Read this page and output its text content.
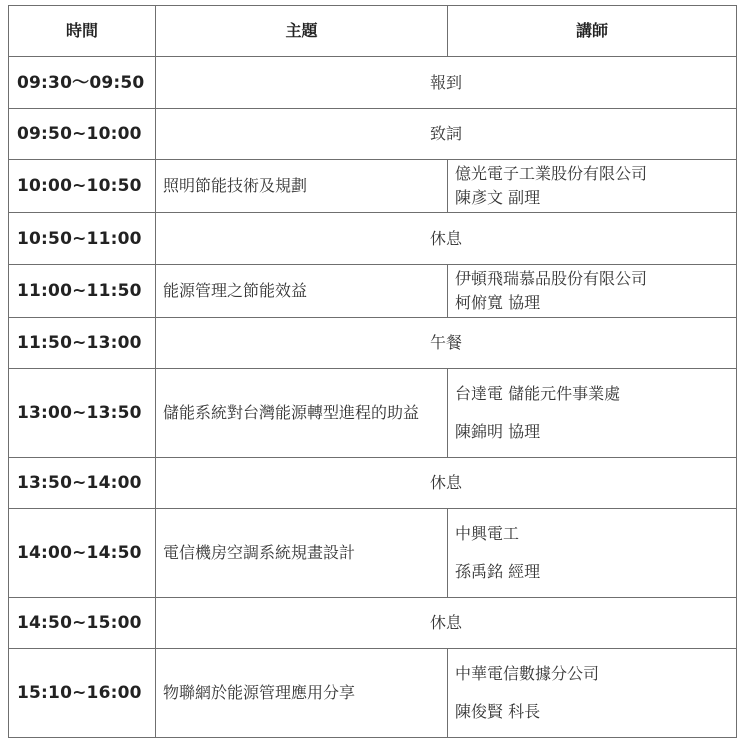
時間	主題	講師
09:30～09:50	報到	
09:50~10:00	致詞	
10:00~10:50	照明節能技術及規劃	億光電子工業股份有限公司

陳彥文 副理

10:50~11:00	休息	
11:00~11:50	能源管理之節能效益	伊頓飛瑞慕品股份有限公司

柯俯寬 協理

11:50~13:00	午餐	
13:00~13:50	儲能系統對台灣能源轉型進程的助益	台達電 儲能元件事業處

陳錦明 協理

13:50~14:00	休息	
14:00~14:50	電信機房空調系統規畫設計	中興電工

孫禹銘 經理

14:50~15:00	休息	
15:10~16:00	物聯網於能源管理應用分享	中華電信數據分公司

陳俊賢 科長
